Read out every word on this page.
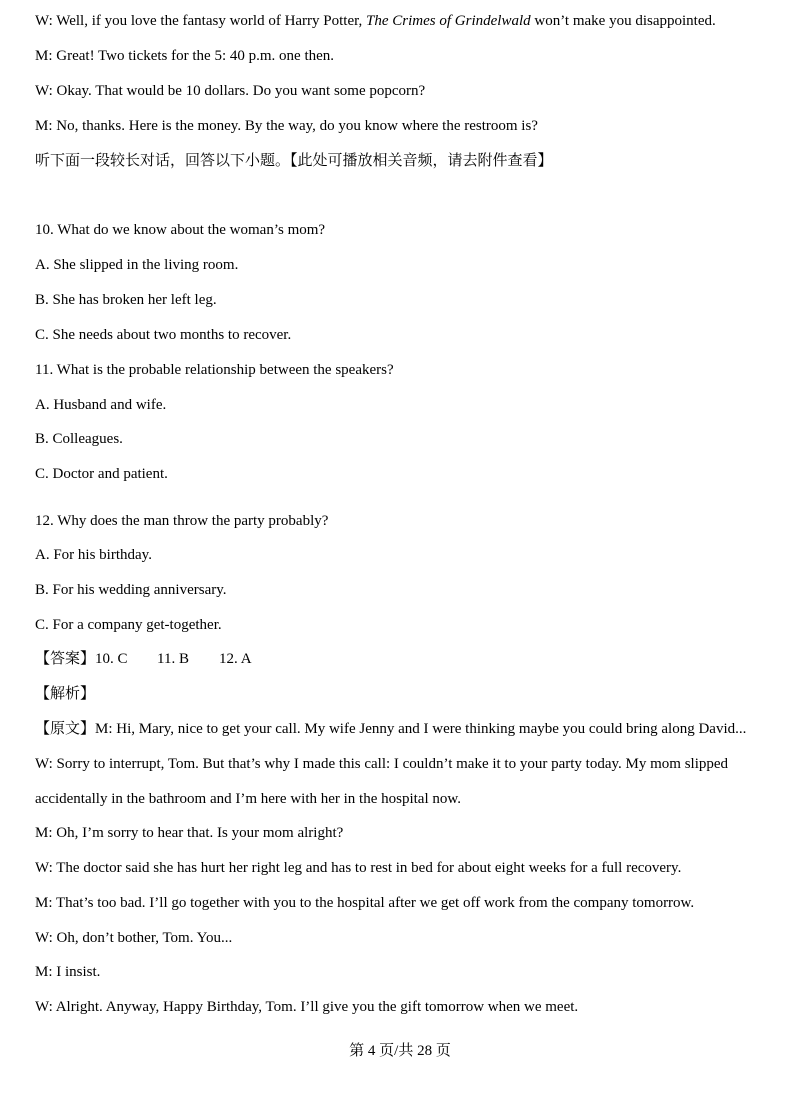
W: Well, if you love the fantasy world of Harry Potter, The Crimes of Grindelwald won’t make you disappointed.
M: Great! Two tickets for the 5: 40 p.m. one then.
W: Okay. That would be 10 dollars. Do you want some popcorn?
M: No, thanks. Here is the money. By the way, do you know where the restroom is?
听下面一段较长对话，回答以下小题。【此处可播放相关音频，请去附件查看】
10. What do we know about the woman’s mom?
A. She slipped in the living room.
B. She has broken her left leg.
C. She needs about two months to recover.
11. What is the probable relationship between the speakers?
A. Husband and wife.
B. Colleagues.
C. Doctor and patient.
12. Why does the man throw the party probably?
A. For his birthday.
B. For his wedding anniversary.
C. For a company get-together.
【答案】10. C 11. B 12. A
【解析】
【原文】M: Hi, Mary, nice to get your call. My wife Jenny and I were thinking maybe you could bring along David...
W: Sorry to interrupt, Tom. But that’s why I made this call: I couldn’t make it to your party today. My mom slipped
accidentally in the bathroom and I’m here with her in the hospital now.
M: Oh, I’m sorry to hear that. Is your mom alright?
W: The doctor said she has hurt her right leg and has to rest in bed for about eight weeks for a full recovery.
M: That’s too bad. I’ll go together with you to the hospital after we get off work from the company tomorrow.
W: Oh, don’t bother, Tom. You...
M: I insist.
W: Alright. Anyway, Happy Birthday, Tom. I’ll give you the gift tomorrow when we meet.
第 4 页/共 28 页
